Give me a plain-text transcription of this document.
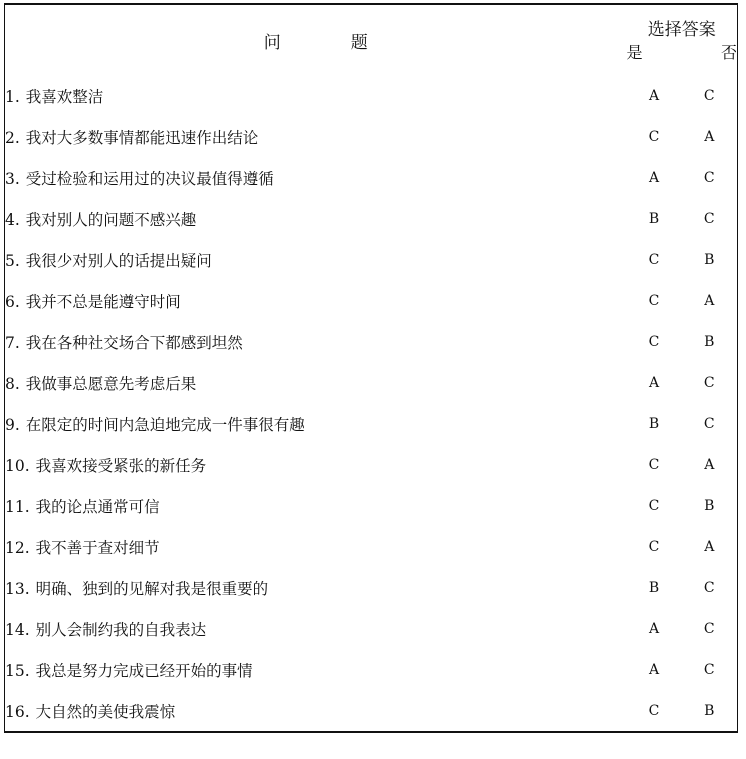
问 题	选择答案	
	是	否
1. 我喜欢整洁	A	C
2. 我对大多数事情都能迅速作出结论	C	A
3. 受过检验和运用过的决议最值得遵循	A	C
4. 我对别人的问题不感兴趣	B	C
5. 我很少对别人的话提出疑问	C	B
6. 我并不总是能遵守时间	C	A
7. 我在各种社交场合下都感到坦然	C	B
8. 我做事总愿意先考虑后果	A	C
9. 在限定的时间内急迫地完成一件事很有趣	B	C
10. 我喜欢接受紧张的新任务	C	A
11. 我的论点通常可信	C	B
12. 我不善于查对细节	C	A
13. 明确、独到的见解对我是很重要的	B	C
14. 别人会制约我的自我表达	A	C
15. 我总是努力完成已经开始的事情	A	C
16. 大自然的美使我震惊	C	B
